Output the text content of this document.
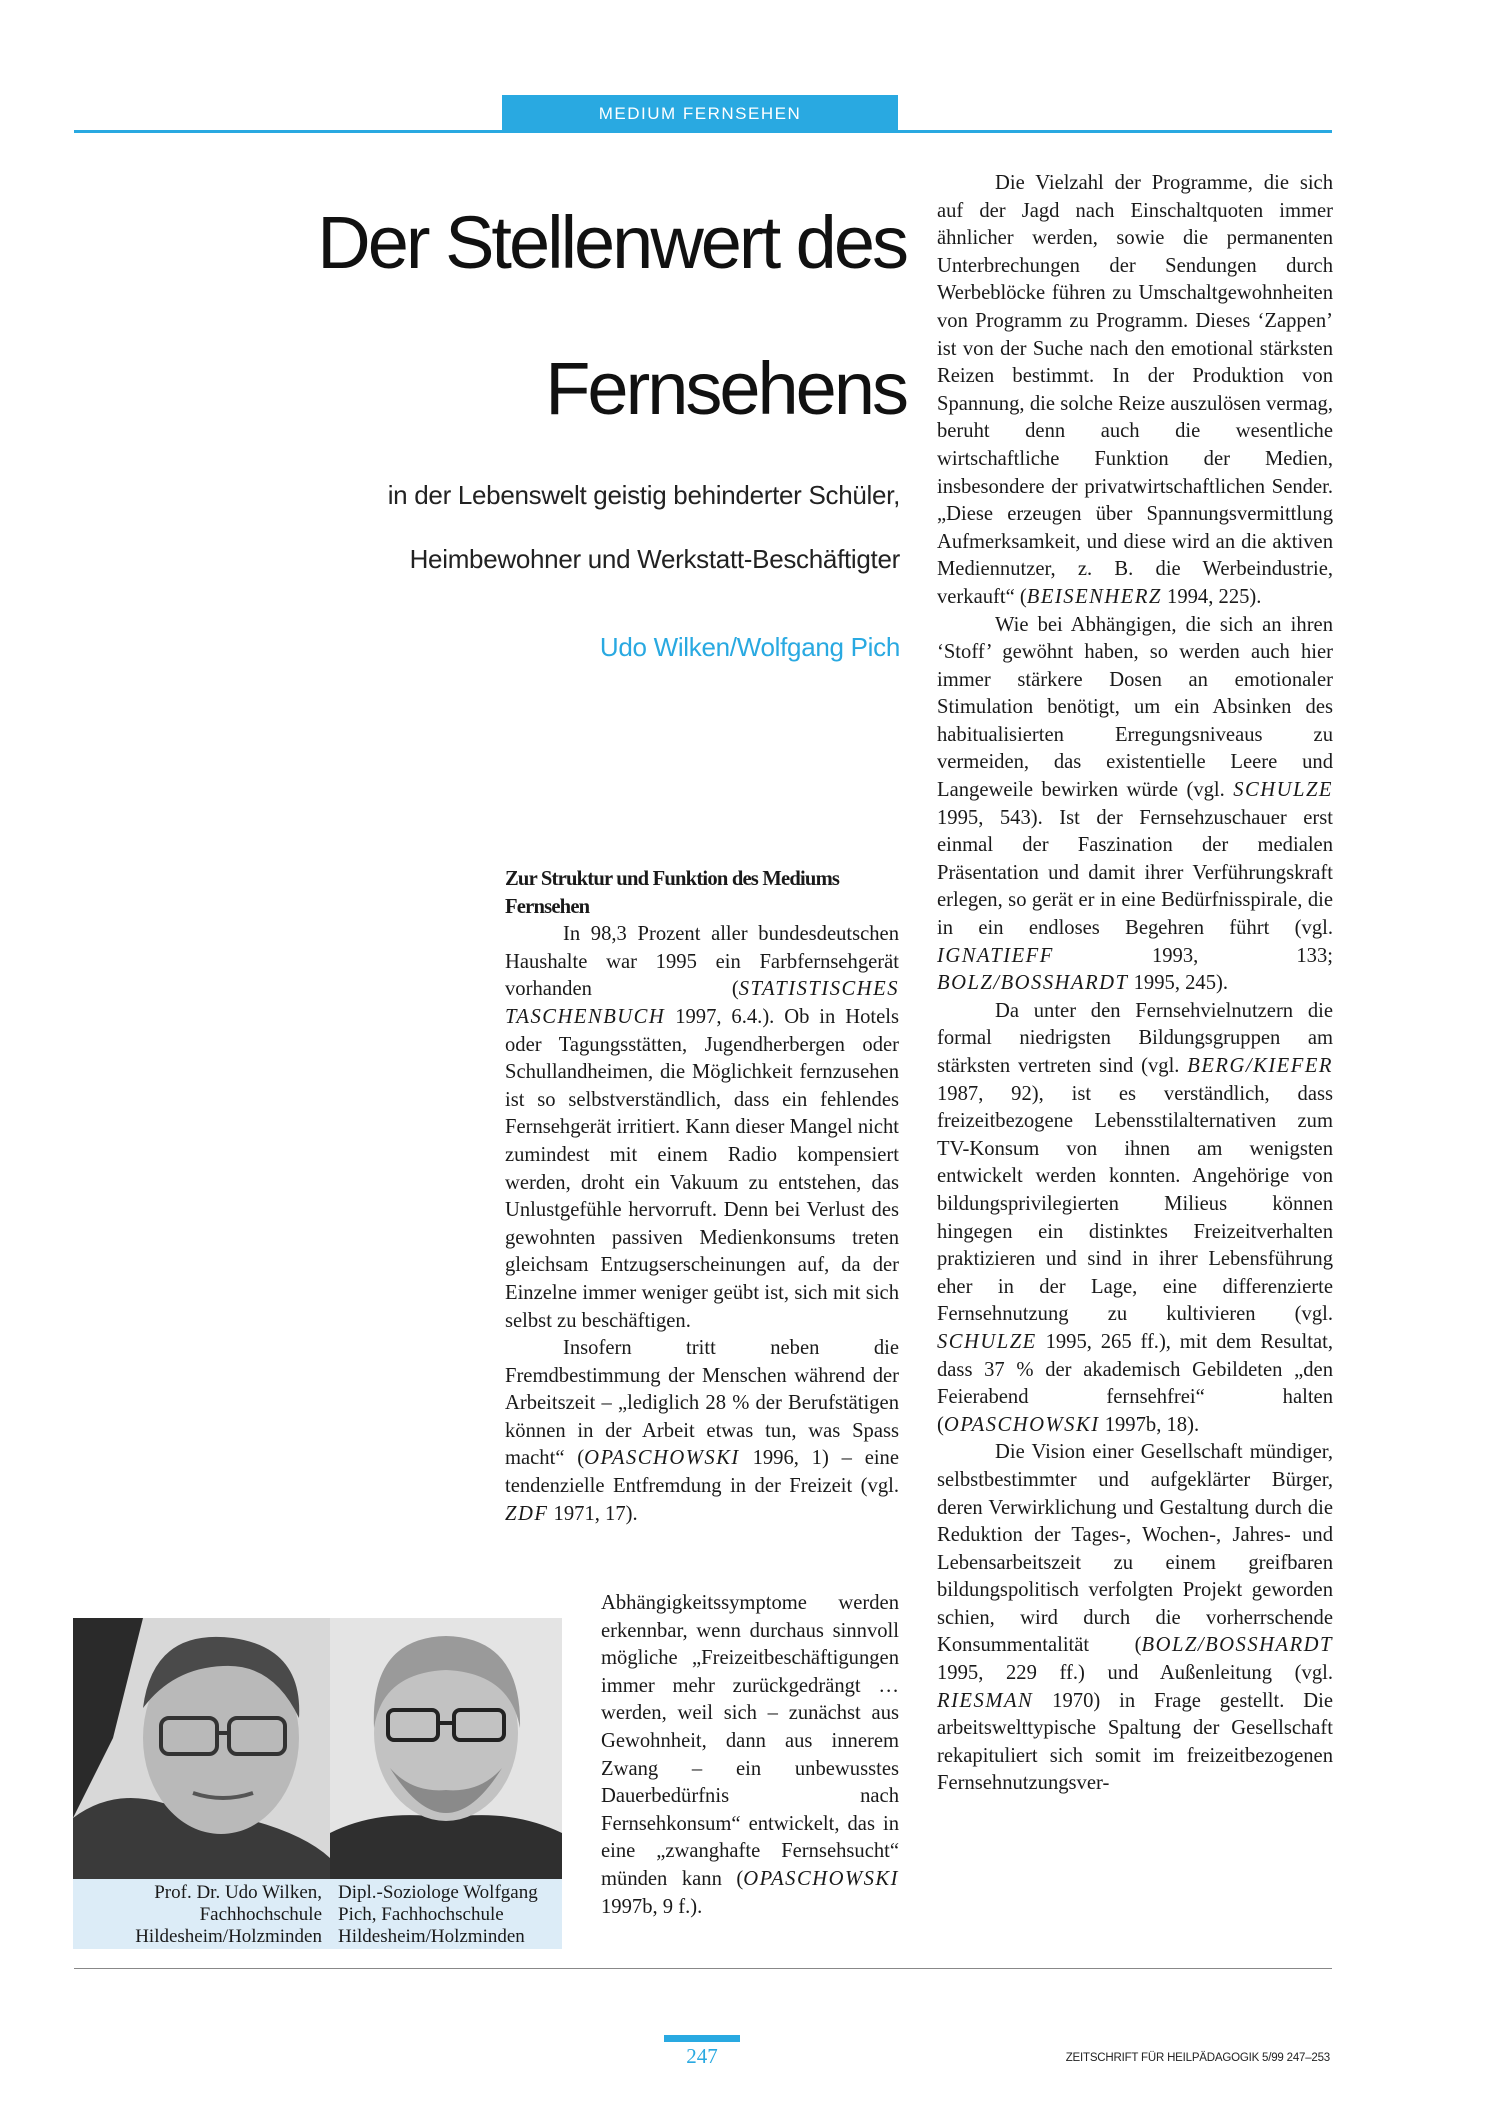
MEDIUM FERNSEHEN
Der Stellenwert des
Fernsehens
in der Lebenswelt geistig behinderter Schüler,
Heimbewohner und Werkstatt-Beschäftigter
Udo Wilken/Wolfgang Pich
Zur Struktur und Funktion des Mediums Fernsehen

In 98,3 Prozent aller bundesdeutschen Haushalte war 1995 ein Farbfernsehgerät vorhanden (STATISTISCHES TASCHENBUCH 1997, 6.4.). Ob in Hotels oder Tagungsstätten, Jugendherbergen oder Schullandheimen, die Möglichkeit fernzusehen ist so selbstverständlich, dass ein fehlendes Fernsehgerät irritiert. Kann dieser Mangel nicht zumindest mit einem Radio kompensiert werden, droht ein Vakuum zu entstehen, das Unlustgefühle hervorruft. Denn bei Verlust des gewohnten passiven Medienkonsums treten gleichsam Entzugserscheinungen auf, da der Einzelne immer weniger geübt ist, sich mit sich selbst zu beschäftigen.

Insofern tritt neben die Fremdbestimmung der Menschen während der Arbeitszeit – „lediglich 28 % der Berufstätigen können in der Arbeit etwas tun, was Spass macht“ (OPASCHOWSKI 1996, 1) – eine tendenzielle Entfremdung in der Freizeit (vgl. ZDF 1971, 17).

Abhängigkeitssymptome werden erkennbar, wenn durchaus sinnvoll mögliche „Freizeitbeschäftigungen immer mehr zurückgedrängt … werden, weil sich – zunächst aus Gewohnheit, dann aus innerem Zwang – ein unbewusstes Dauerbedürfnis nach Fernsehkonsum“ entwickelt, das in eine „zwanghafte Fernsehsucht“ münden kann (OPASCHOWSKI 1997b, 9 f.).

Die Vielzahl der Programme, die sich auf der Jagd nach Einschaltquoten immer ähnlicher werden, sowie die permanenten Unterbrechungen der Sendungen durch Werbeblöcke führen zu Umschaltgewohnheiten von Programm zu Programm. Dieses ‘Zappen’ ist von der Suche nach den emotional stärksten Reizen bestimmt. In der Produktion von Spannung, die solche Reize auszulösen vermag, beruht denn auch die wesentliche wirtschaftliche Funktion der Medien, insbesondere der privatwirtschaftlichen Sender. „Diese erzeugen über Spannungsvermittlung Aufmerksamkeit, und diese wird an die aktiven Mediennutzer, z. B. die Werbeindustrie, verkauft“ (BEISENHERZ 1994, 225).

Wie bei Abhängigen, die sich an ihren ‘Stoff’ gewöhnt haben, so werden auch hier immer stärkere Dosen an emotionaler Stimulation benötigt, um ein Absinken des habitualisierten Erregungsniveaus zu vermeiden, das existentielle Leere und Langeweile bewirken würde (vgl. SCHULZE 1995, 543). Ist der Fernsehzuschauer erst einmal der Faszination der medialen Präsentation und damit ihrer Verführungskraft erlegen, so gerät er in eine Bedürfnisspirale, die in ein endloses Begehren führt (vgl. IGNATIEFF 1993, 133; BOLZ/BOSSHARDT 1995, 245).

Da unter den Fernsehvielnutzern die formal niedrigsten Bildungsgruppen am stärksten vertreten sind (vgl. BERG/KIEFER 1987, 92), ist es verständlich, dass freizeitbezogene Lebensstilalternativen zum TV-Konsum von ihnen am wenigsten entwickelt werden konnten. Angehörige von bildungsprivilegierten Milieus können hingegen ein distinktes Freizeitverhalten praktizieren und sind in ihrer Lebensführung eher in der Lage, eine differenzierte Fernsehnutzung zu kultivieren (vgl. SCHULZE 1995, 265 ff.), mit dem Resultat, dass 37 % der akademisch Gebildeten „den Feierabend fernsehfrei“ halten (OPASCHOWSKI 1997b, 18).

Die Vision einer Gesellschaft mündiger, selbstbestimmter und aufgeklärter Bürger, deren Verwirklichung und Gestaltung durch die Reduktion der Tages-, Wochen-, Jahres- und Lebensarbeitszeit zu einem greifbaren bildungspolitisch verfolgten Projekt geworden schien, wird durch die vorherrschende Konsummentalität (BOLZ/BOSSHARDT 1995, 229 ff.) und Außenleitung (vgl. RIESMAN 1970) in Frage gestellt. Die arbeitswelttypische Spaltung der Gesellschaft rekapituliert sich somit im freizeitbezogenen Fernsehnutzungsver-

Prof. Dr. Udo Wilken, Fachhochschule Hildesheim/Holzminden
Dipl.-Soziologe Wolfgang Pich, Fachhochschule Hildesheim/Holzminden
247	ZEITSCHRIFT FÜR HEILPÄDAGOGIK 5/99 247–253
